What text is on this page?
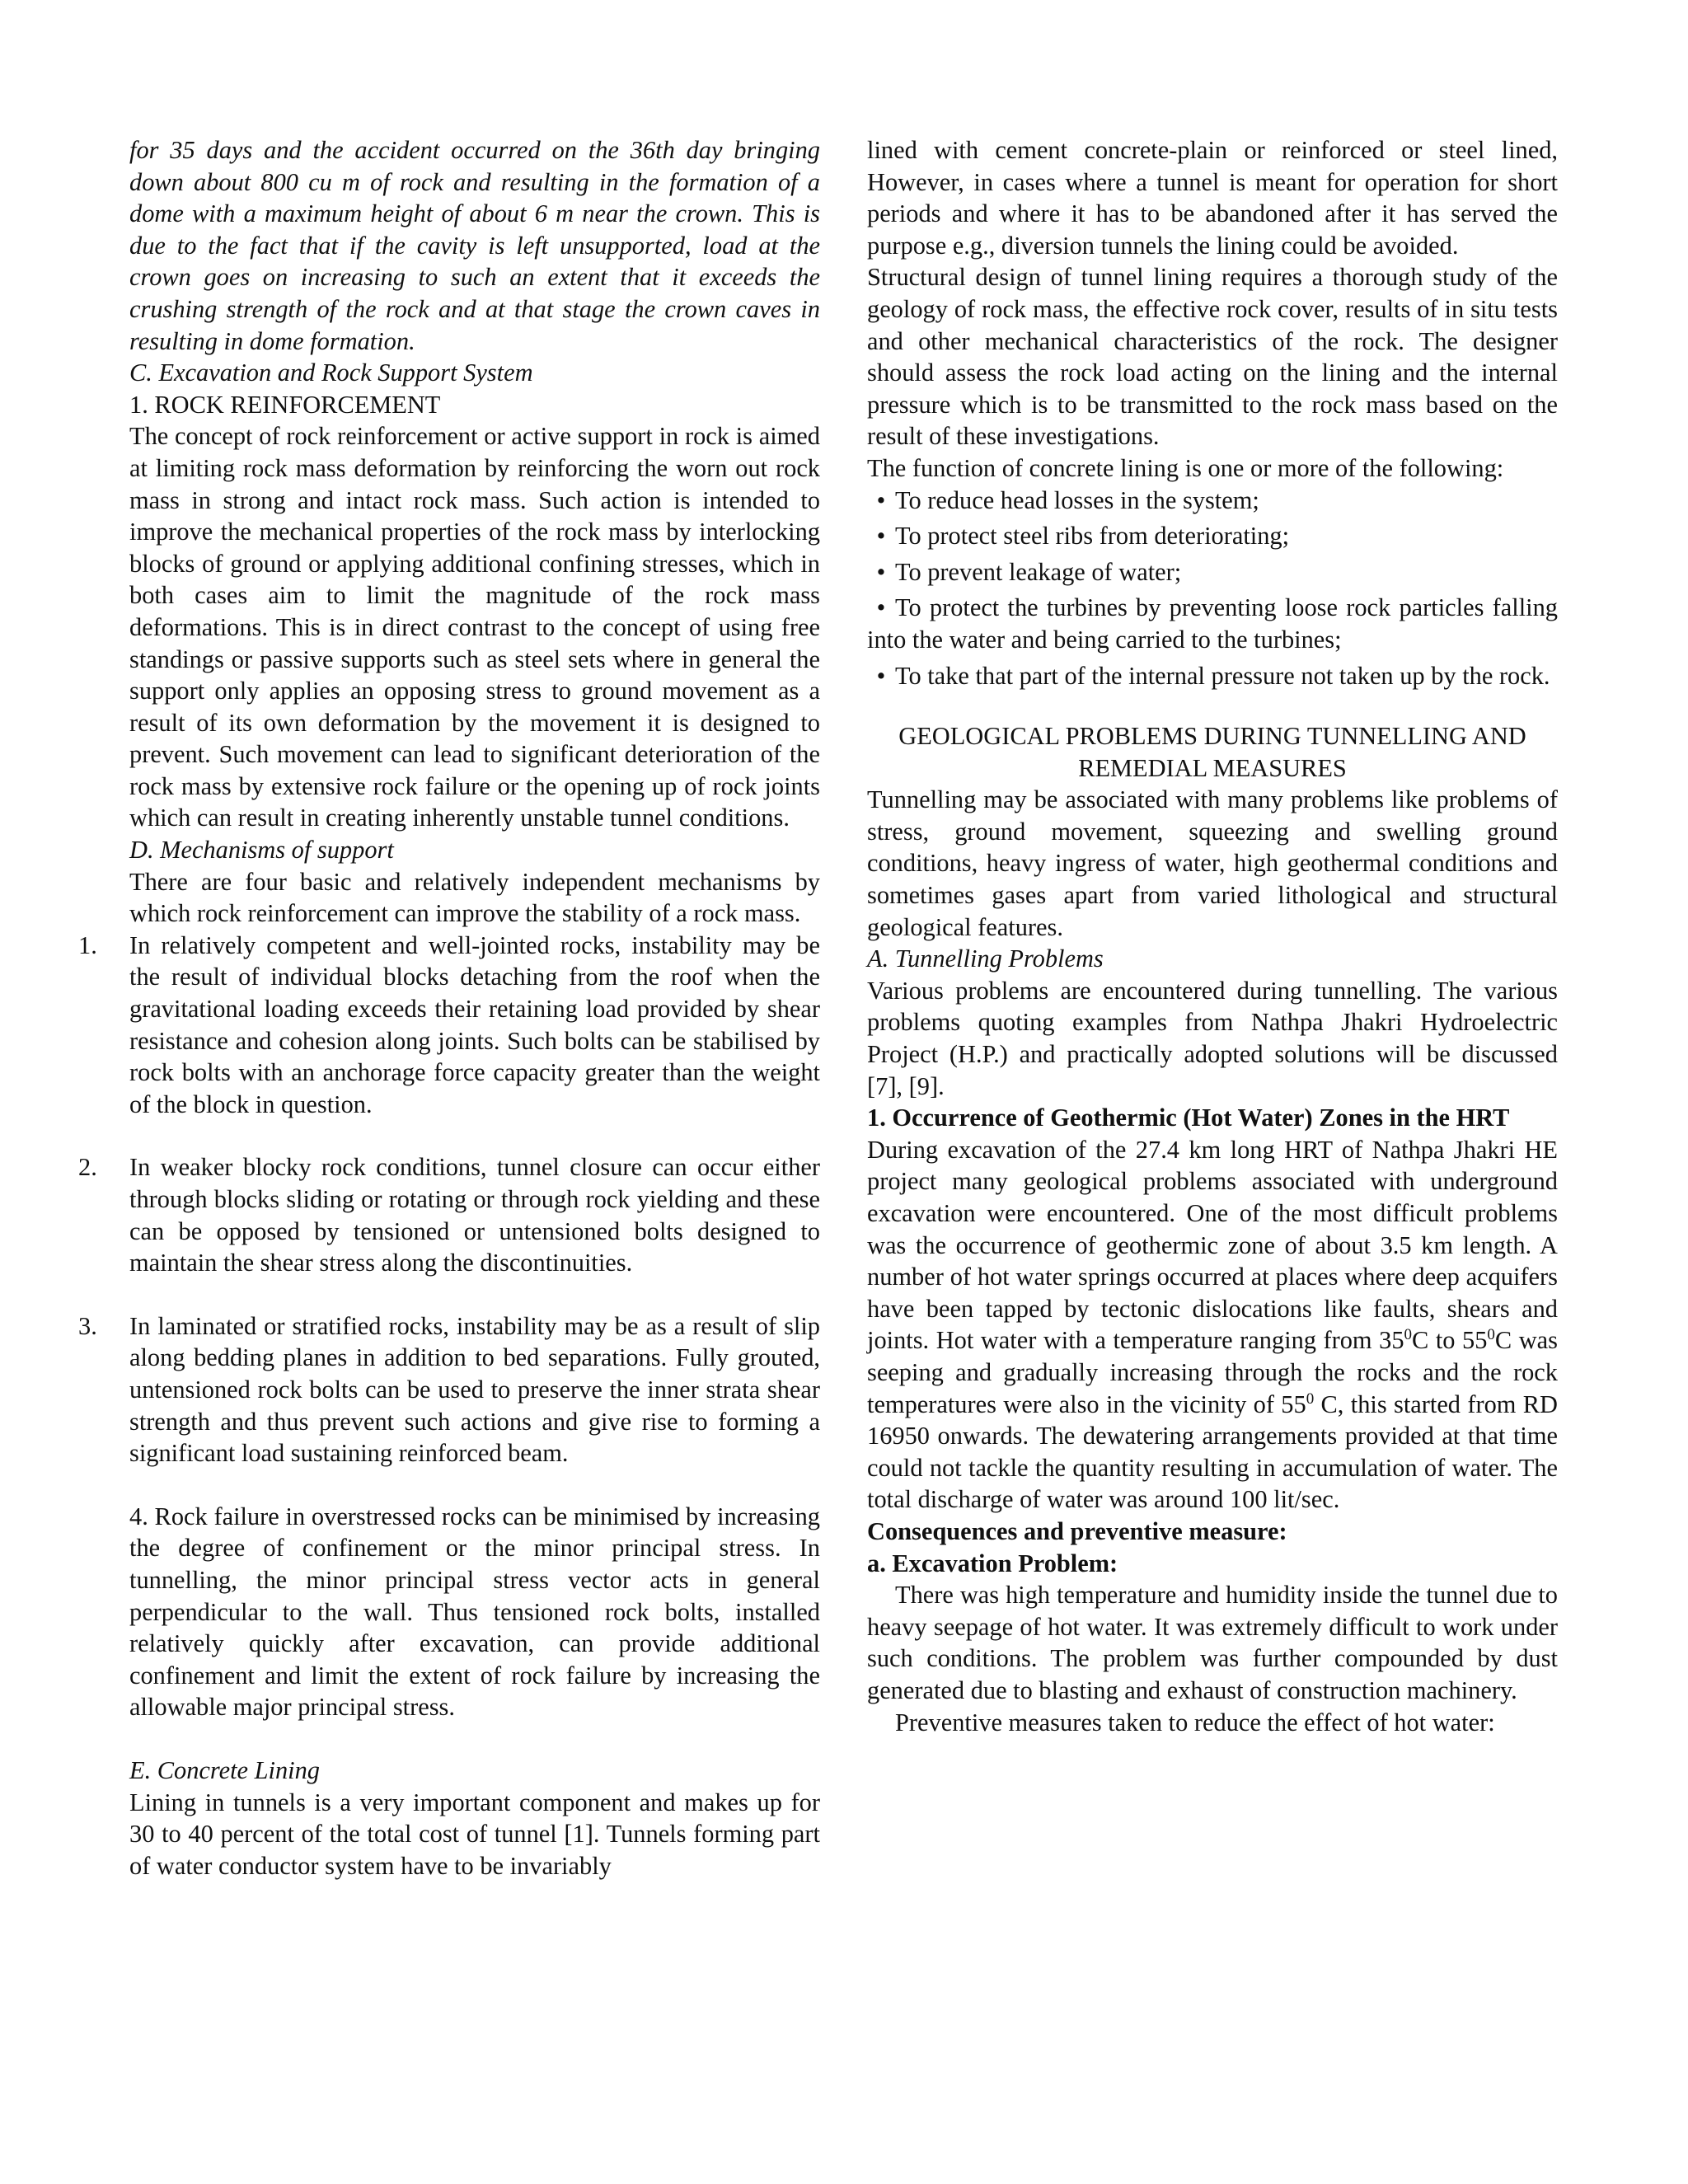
for 35 days and the accident occurred on the 36th day bringing down about 800 cu m of rock and resulting in the formation of a dome with a maximum height of about 6 m near the crown. This is due to the fact that if the cavity is left unsupported, load at the crown goes on increasing to such an extent that it exceeds the crushing strength of the rock and at that stage the crown caves in resulting in dome formation.

C. Excavation and Rock Support System

1. ROCK REINFORCEMENT

The concept of rock reinforcement or active support in rock is aimed at limiting rock mass deformation by reinforcing the worn out rock mass in strong and intact rock mass. Such action is intended to improve the mechanical properties of the rock mass by interlocking blocks of ground or applying additional confining stresses, which in both cases aim to limit the magnitude of the rock mass deformations. This is in direct contrast to the concept of using free standings or passive supports such as steel sets where in general the support only applies an opposing stress to ground movement as a result of its own deformation by the movement it is designed to prevent. Such movement can lead to significant deterioration of the rock mass by extensive rock failure or the opening up of rock joints which can result in creating inherently unstable tunnel conditions.

D. Mechanisms of support

There are four basic and relatively independent mechanisms by which rock reinforcement can improve the stability of a rock mass.

1. In relatively competent and well-jointed rocks, instability may be the result of individual blocks detaching from the roof when the gravitational loading exceeds their retaining load provided by shear resistance and cohesion along joints. Such bolts can be stabilised by rock bolts with an anchorage force capacity greater than the weight of the block in question.

2. In weaker blocky rock conditions, tunnel closure can occur either through blocks sliding or rotating or through rock yielding and these can be opposed by tensioned or untensioned bolts designed to maintain the shear stress along the discontinuities.

3. In laminated or stratified rocks, instability may be as a result of slip along bedding planes in addition to bed separations. Fully grouted, untensioned rock bolts can be used to preserve the inner strata shear strength and thus prevent such actions and give rise to forming a significant load sustaining reinforced beam.

4. Rock failure in overstressed rocks can be minimised by increasing the degree of confinement or the minor principal stress. In tunnelling, the minor principal stress vector acts in general perpendicular to the wall. Thus tensioned rock bolts, installed relatively quickly after excavation, can provide additional confinement and limit the extent of rock failure by increasing the allowable major principal stress.

E. Concrete Lining

Lining in tunnels is a very important component and makes up for 30 to 40 percent of the total cost of tunnel [1]. Tunnels forming part of water conductor system have to be invariably

lined with cement concrete-plain or reinforced or steel lined, However, in cases where a tunnel is meant for operation for short periods and where it has to be abandoned after it has served the purpose e.g., diversion tunnels the lining could be avoided.

Structural design of tunnel lining requires a thorough study of the geology of rock mass, the effective rock cover, results of in situ tests and other mechanical characteristics of the rock. The designer should assess the rock load acting on the lining and the internal pressure which is to be transmitted to the rock mass based on the result of these investigations.

The function of concrete lining is one or more of the following:

• To reduce head losses in the system;
• To protect steel ribs from deteriorating;
• To prevent leakage of water;
• To protect the turbines by preventing loose rock particles falling into the water and being carried to the turbines;
• To take that part of the internal pressure not taken up by the rock.

GEOLOGICAL PROBLEMS DURING TUNNELLING AND

REMEDIAL MEASURES

Tunnelling may be associated with many problems like problems of stress, ground movement, squeezing and swelling ground conditions, heavy ingress of water, high geothermal conditions and sometimes gases apart from varied lithological and structural geological features.

A. Tunnelling Problems

Various problems are encountered during tunnelling. The various problems quoting examples from Nathpa Jhakri Hydroelectric Project (H.P.) and practically adopted solutions will be discussed [7], [9].

1. Occurrence of Geothermic (Hot Water) Zones in the HRT

During excavation of the 27.4 km long HRT of Nathpa Jhakri HE project many geological problems associated with underground excavation were encountered. One of the most difficult problems was the occurrence of geothermic zone of about 3.5 km length. A number of hot water springs occurred at places where deep acquifers have been tapped by tectonic dislocations like faults, shears and joints. Hot water with a temperature ranging from $35^0C$ to $55^0C$ was seeping and gradually increasing through the rocks and the rock temperatures were also in the vicinity of $55^0$ C, this started from RD 16950 onwards. The dewatering arrangements provided at that time could not tackle the quantity resulting in accumulation of water. The total discharge of water was around 100 lit/sec.

Consequences and preventive measure:

a. Excavation Problem:

There was high temperature and humidity inside the tunnel due to heavy seepage of hot water. It was extremely difficult to work under such conditions. The problem was further compounded by dust generated due to blasting and exhaust of construction machinery.

Preventive measures taken to reduce the effect of hot water:
